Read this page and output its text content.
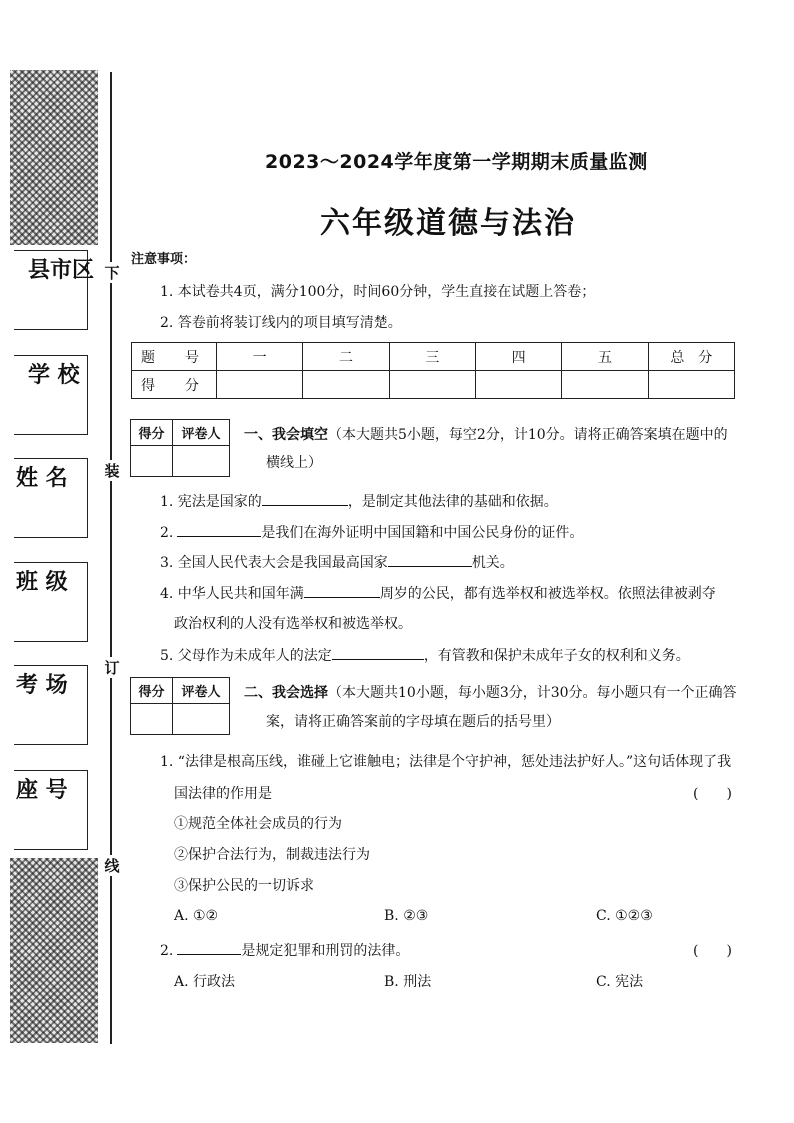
县市区
学 校
姓 名
班 级
考 场
座 号
下
装
订
线
2023～2024学年度第一学期期末质量监测
六年级道德与法治
注意事项：
1. 本试卷共4页，满分100分，时间60分钟，学生直接在试题上答卷；
2. 答卷前将装订线内的项目填写清楚。
题　号	一	二	三	四	五	总　分
得　分						
得分	评卷人
	一、我会填空（本大题共5小题，每空2分，计10分。请将正确答案填在题中的
横线上）
1. 宪法是国家的	，是制定其他法律的基础和依据。
2.	是我们在海外证明中国国籍和中国公民身份的证件。
3. 全国人民代表大会是我国最高国家	机关。
4. 中华人民共和国年满	周岁的公民，都有选举权和被选举权。依照法律被剥夺
政治权利的人没有选举权和被选举权。
5. 父母作为未成年人的法定	，有管教和保护未成年子女的权利和义务。
得分	评卷人
	二、我会选择（本大题共10小题，每小题3分，计30分。每小题只有一个正确答
案，请将正确答案前的字母填在题后的括号里）
1. “法律是根高压线，谁碰上它谁触电；法律是个守护神，惩处违法护好人。”这句话体现了我
国法律的作用是	(　　)
①规范全体社会成员的行为
②保护合法行为，制裁违法行为
③保护公民的一切诉求
A. ①②	B. ②③	C. ①②③
2.	是规定犯罪和刑罚的法律。	(　　)
A. 行政法	B. 刑法	C. 宪法
